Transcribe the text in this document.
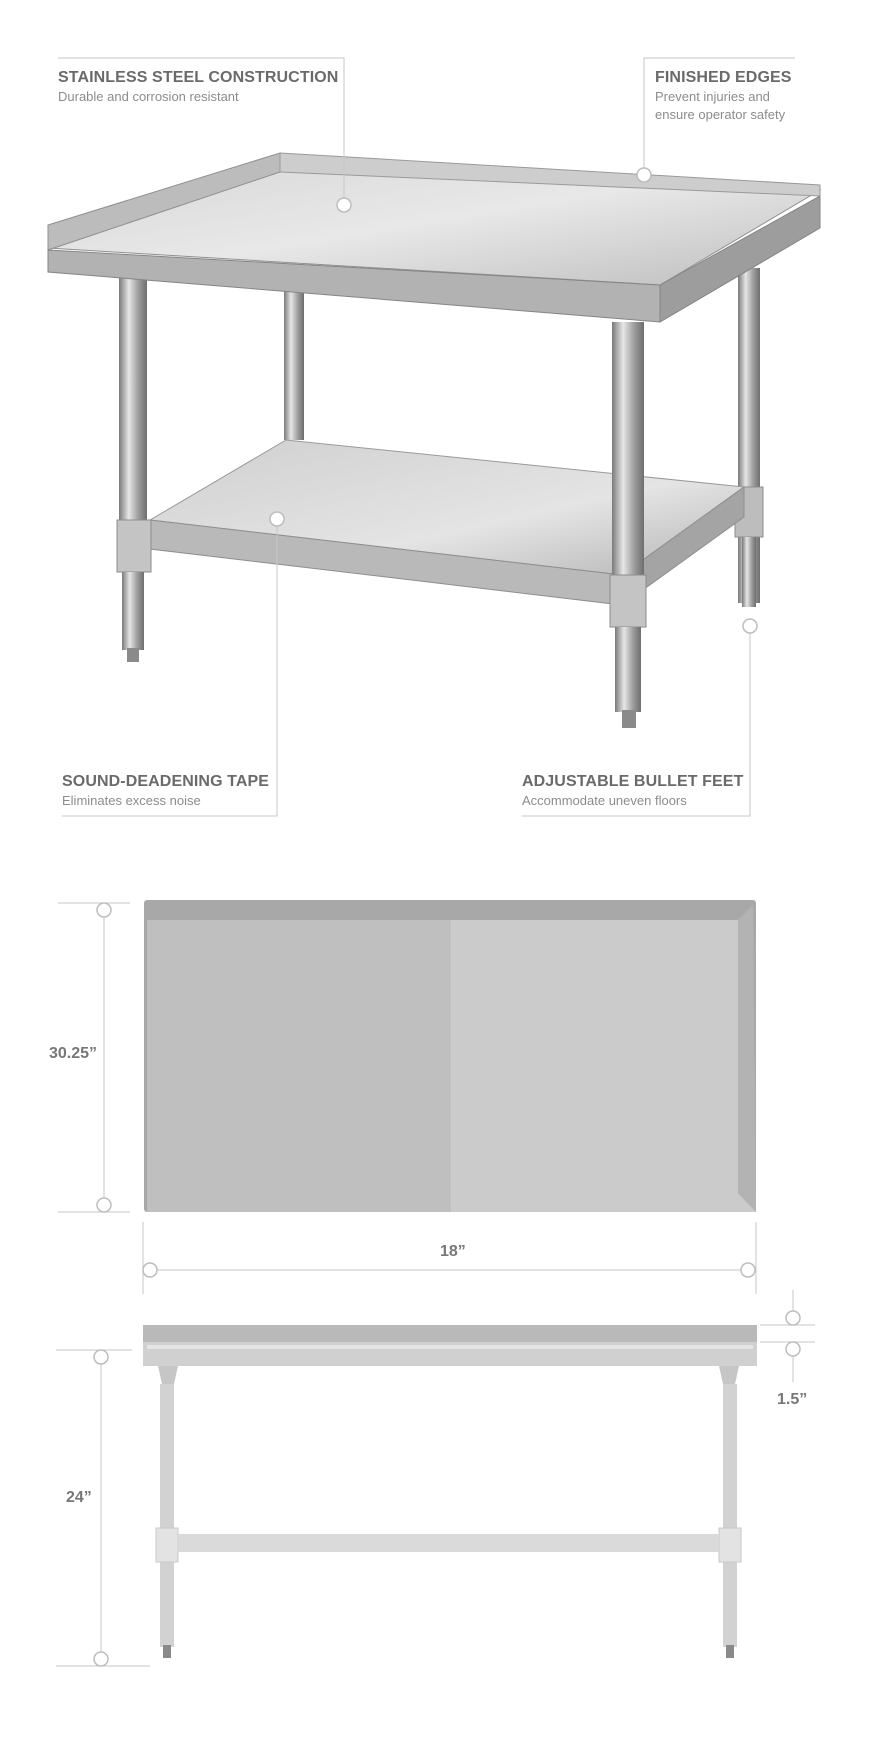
STAINLESS STEEL CONSTRUCTION
Durable and corrosion resistant
FINISHED EDGES
Prevent injuries and
ensure operator safety
SOUND-DEADENING TAPE
Eliminates excess noise
ADJUSTABLE BULLET FEET
Accommodate uneven floors
30.25”
18”
24”
1.5”
